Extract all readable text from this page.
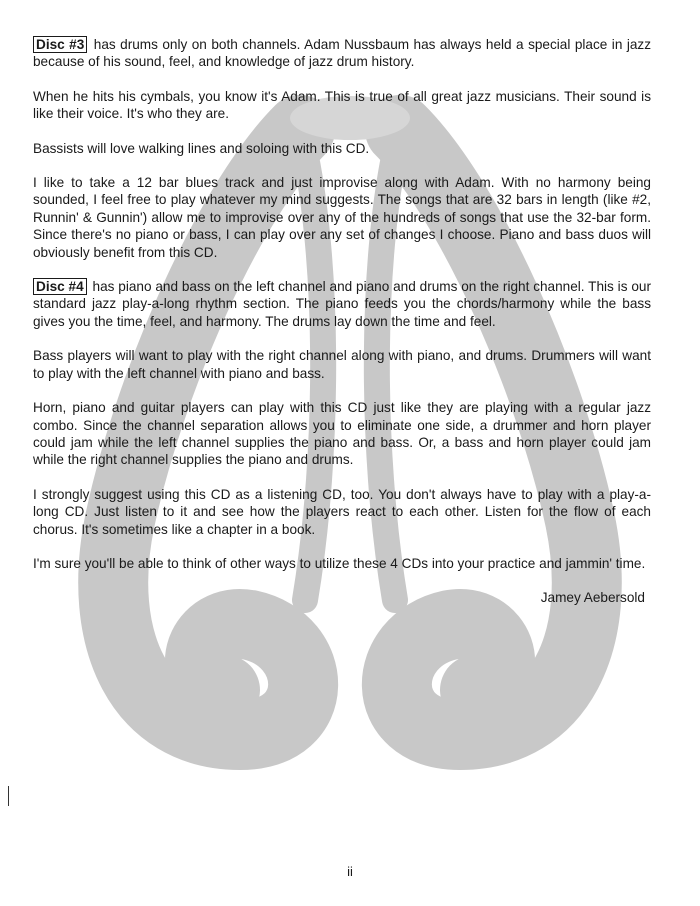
Disc #3 has drums only on both channels. Adam Nussbaum has always held a special place in jazz because of his sound, feel, and knowledge of jazz drum history.

When he hits his cymbals, you know it's Adam. This is true of all great jazz musicians. Their sound is like their voice. It's who they are.

Bassists will love walking lines and soloing with this CD.

I like to take a 12 bar blues track and just improvise along with Adam. With no harmony being sounded, I feel free to play whatever my mind suggests. The songs that are 32 bars in length (like #2, Runnin' & Gunnin') allow me to improvise over any of the hundreds of songs that use the 32-bar form. Since there's no piano or bass, I can play over any set of changes I choose. Piano and bass duos will obviously benefit from this CD.

Disc #4 has piano and bass on the left channel and piano and drums on the right channel. This is our standard jazz play-a-long rhythm section. The piano feeds you the chords/harmony while the bass gives you the time, feel, and harmony. The drums lay down the time and feel.

Bass players will want to play with the right channel along with piano, and drums. Drummers will want to play with the left channel with piano and bass.

Horn, piano and guitar players can play with this CD just like they are playing with a regular jazz combo. Since the channel separation allows you to eliminate one side, a drummer and horn player could jam while the left channel supplies the piano and bass. Or, a bass and horn player could jam while the right channel supplies the piano and drums.

I strongly suggest using this CD as a listening CD, too. You don't always have to play with a play-a-long CD. Just listen to it and see how the players react to each other. Listen for the flow of each chorus. It's sometimes like a chapter in a book.

I'm sure you'll be able to think of other ways to utilize these 4 CDs into your practice and jammin' time.

Jamey Aebersold
ii
